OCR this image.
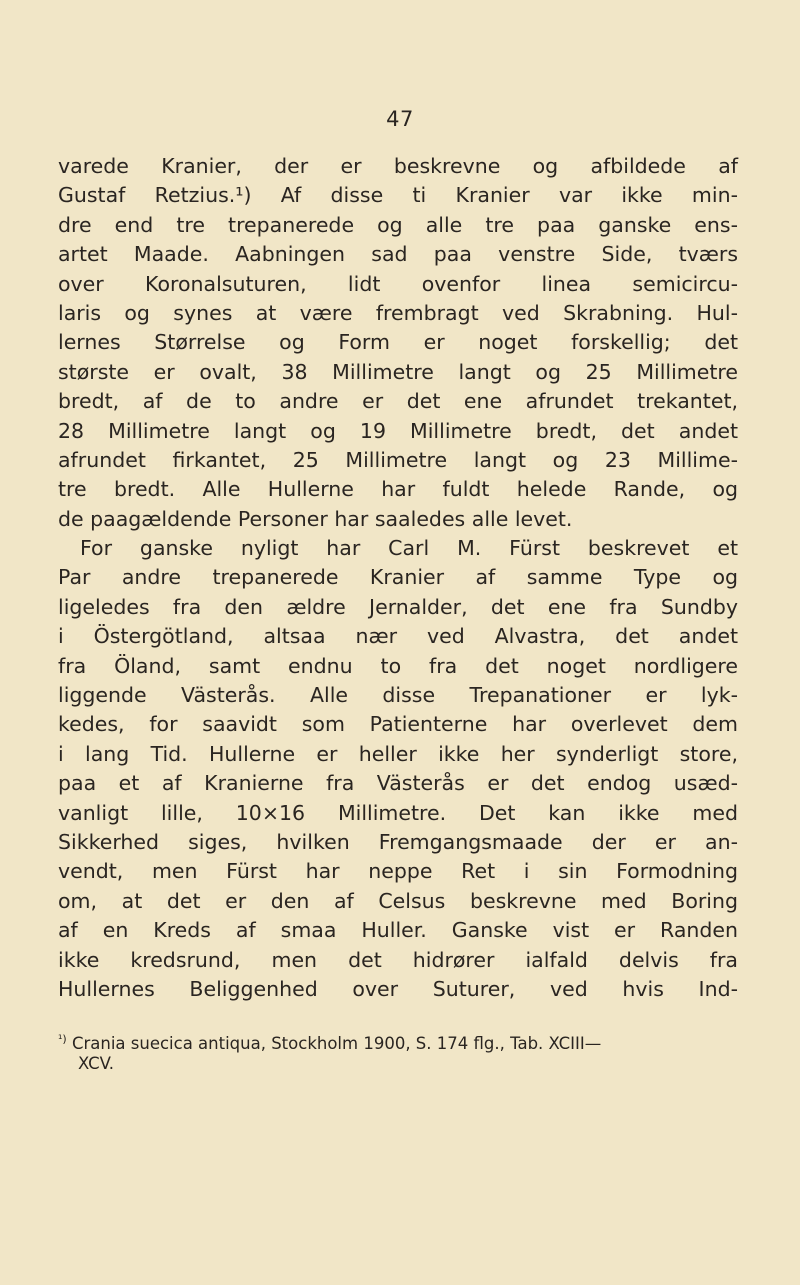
47
varede Kranier, der er beskrevne og afbildede af
Gustaf Retzius.¹) Af disse ti Kranier var ikke min-
dre end tre trepanerede og alle tre paa ganske ens-
artet Maade. Aabningen sad paa venstre Side, tværs
over Koronalsuturen, lidt ovenfor linea semicircu-
laris og synes at være frembragt ved Skrabning. Hul-
lernes Størrelse og Form er noget forskellig; det
største er ovalt, 38 Millimetre langt og 25 Millimetre
bredt, af de to andre er det ene afrundet trekantet,
28 Millimetre langt og 19 Millimetre bredt, det andet
afrundet firkantet, 25 Millimetre langt og 23 Millime-
tre bredt. Alle Hullerne har fuldt helede Rande, og
de paagældende Personer har saaledes alle levet.
For ganske nyligt har Carl M. Fürst beskrevet et
Par andre trepanerede Kranier af samme Type og
ligeledes fra den ældre Jernalder, det ene fra Sundby
i Östergötland, altsaa nær ved Alvastra, det andet
fra Öland, samt endnu to fra det noget nordligere
liggende Västerås. Alle disse Trepanationer er lyk-
kedes, for saavidt som Patienterne har overlevet dem
i lang Tid. Hullerne er heller ikke her synderligt store,
paa et af Kranierne fra Västerås er det endog usæd-
vanligt lille, 10×16 Millimetre. Det kan ikke med
Sikkerhed siges, hvilken Fremgangsmaade der er an-
vendt, men Fürst har neppe Ret i sin Formodning
om, at det er den af Celsus beskrevne med Boring
af en Kreds af smaa Huller. Ganske vist er Randen
ikke kredsrund, men det hidrører ialfald delvis fra
Hullernes Beliggenhed over Suturer, ved hvis Ind-
$^{^1)}$ Crania suecica antiqua, Stockholm 1900, S. 174 flg., Tab. XCIII—
XCV.
